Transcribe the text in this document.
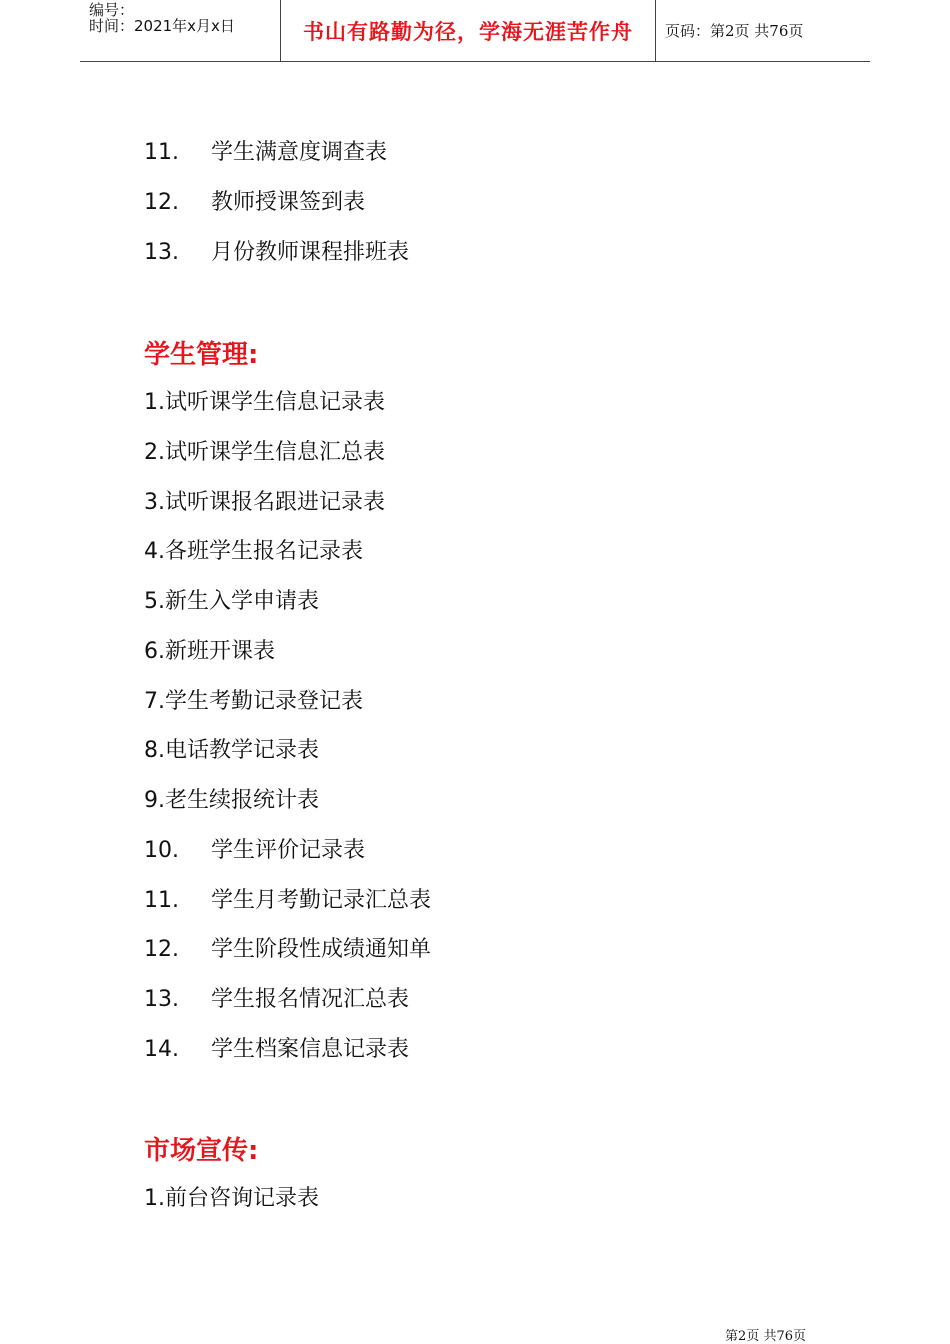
编号：
时间：2021年x月x日	书山有路勤为径，学海无涯苦作舟	页码：第2页 共76页
11. 学生满意度调查表
12. 教师授课签到表
13. 月份教师课程排班表
学生管理:
1.试听课学生信息记录表
2.试听课学生信息汇总表
3.试听课报名跟进记录表
4.各班学生报名记录表
5.新生入学申请表
6.新班开课表
7.学生考勤记录登记表
8.电话教学记录表
9.老生续报统计表
10. 学生评价记录表
11. 学生月考勤记录汇总表
12. 学生阶段性成绩通知单
13. 学生报名情况汇总表
14. 学生档案信息记录表
市场宣传:
1.前台咨询记录表
第2页 共76页
